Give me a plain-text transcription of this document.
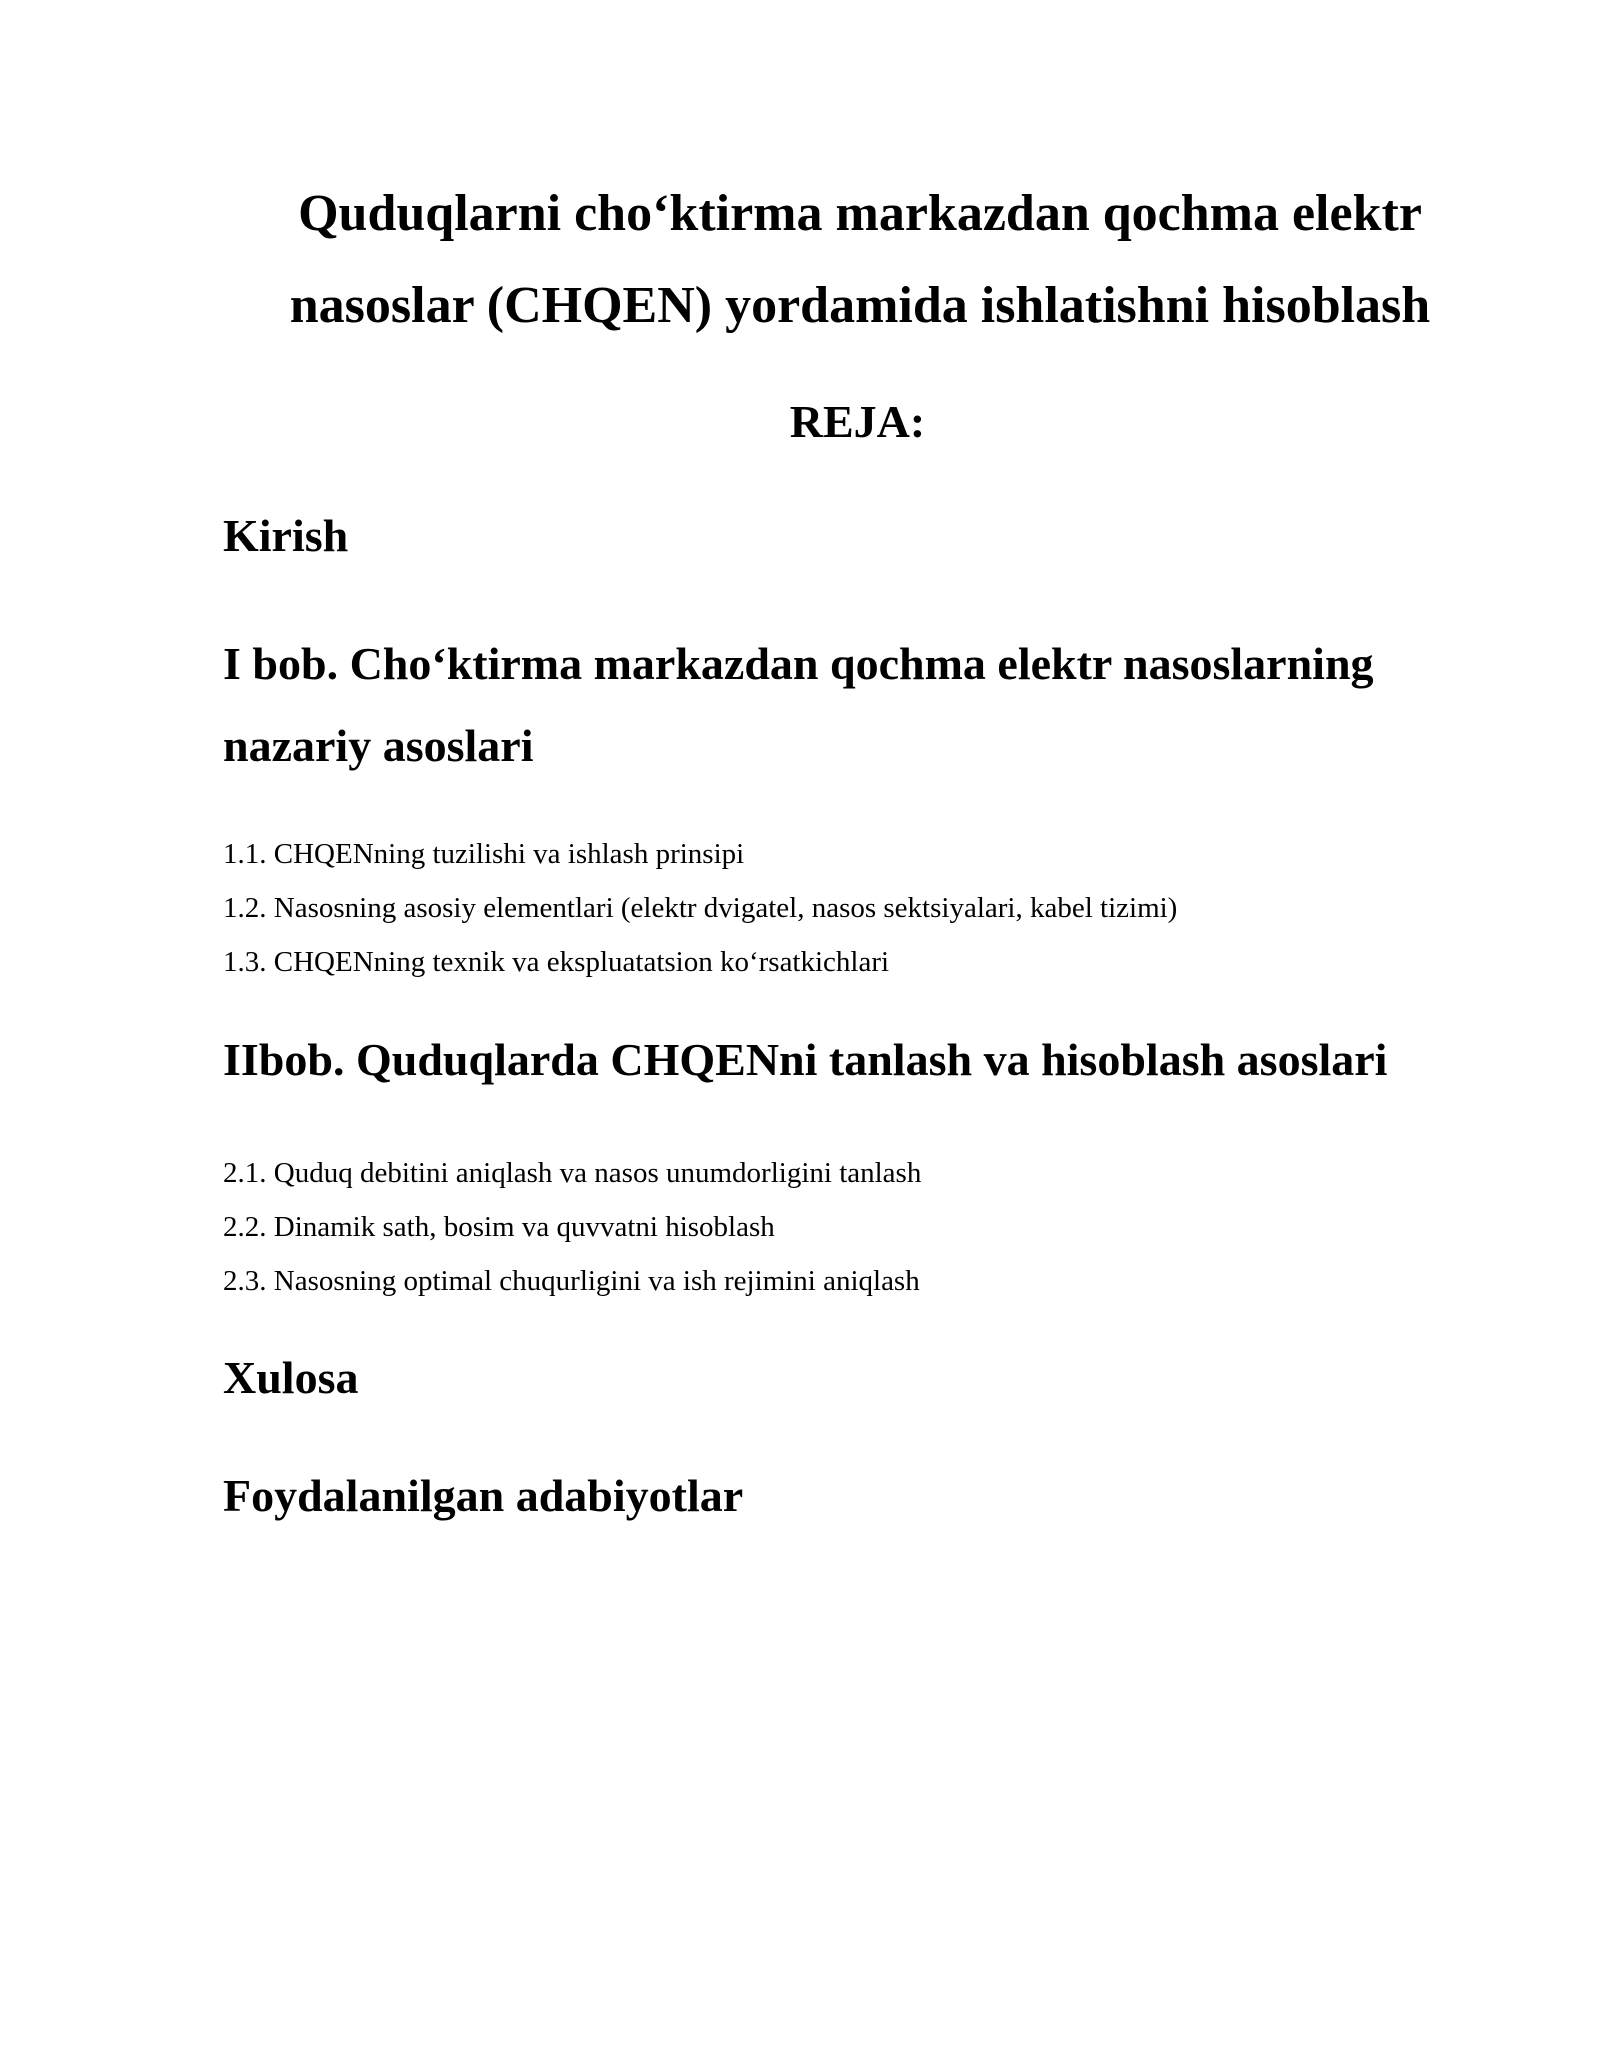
Quduqlarni cho‘ktirma markazdan qochma elektr
nasoslar (CHQEN) yordamida ishlatishni hisoblash
REJA:
Kirish
I bob. Cho‘ktirma markazdan qochma elektr nasoslarning
nazariy asoslari
1.1. CHQENning tuzilishi va ishlash prinsipi
1.2. Nasosning asosiy elementlari (elektr dvigatel, nasos sektsiyalari, kabel tizimi)
1.3. CHQENning texnik va ekspluatatsion ko‘rsatkichlari
IIbob. Quduqlarda CHQENni tanlash va hisoblash asoslari
2.1. Quduq debitini aniqlash va nasos unumdorligini tanlash
2.2. Dinamik sath, bosim va quvvatni hisoblash
2.3. Nasosning optimal chuqurligini va ish rejimini aniqlash
Xulosa
Foydalanilgan adabiyotlar
